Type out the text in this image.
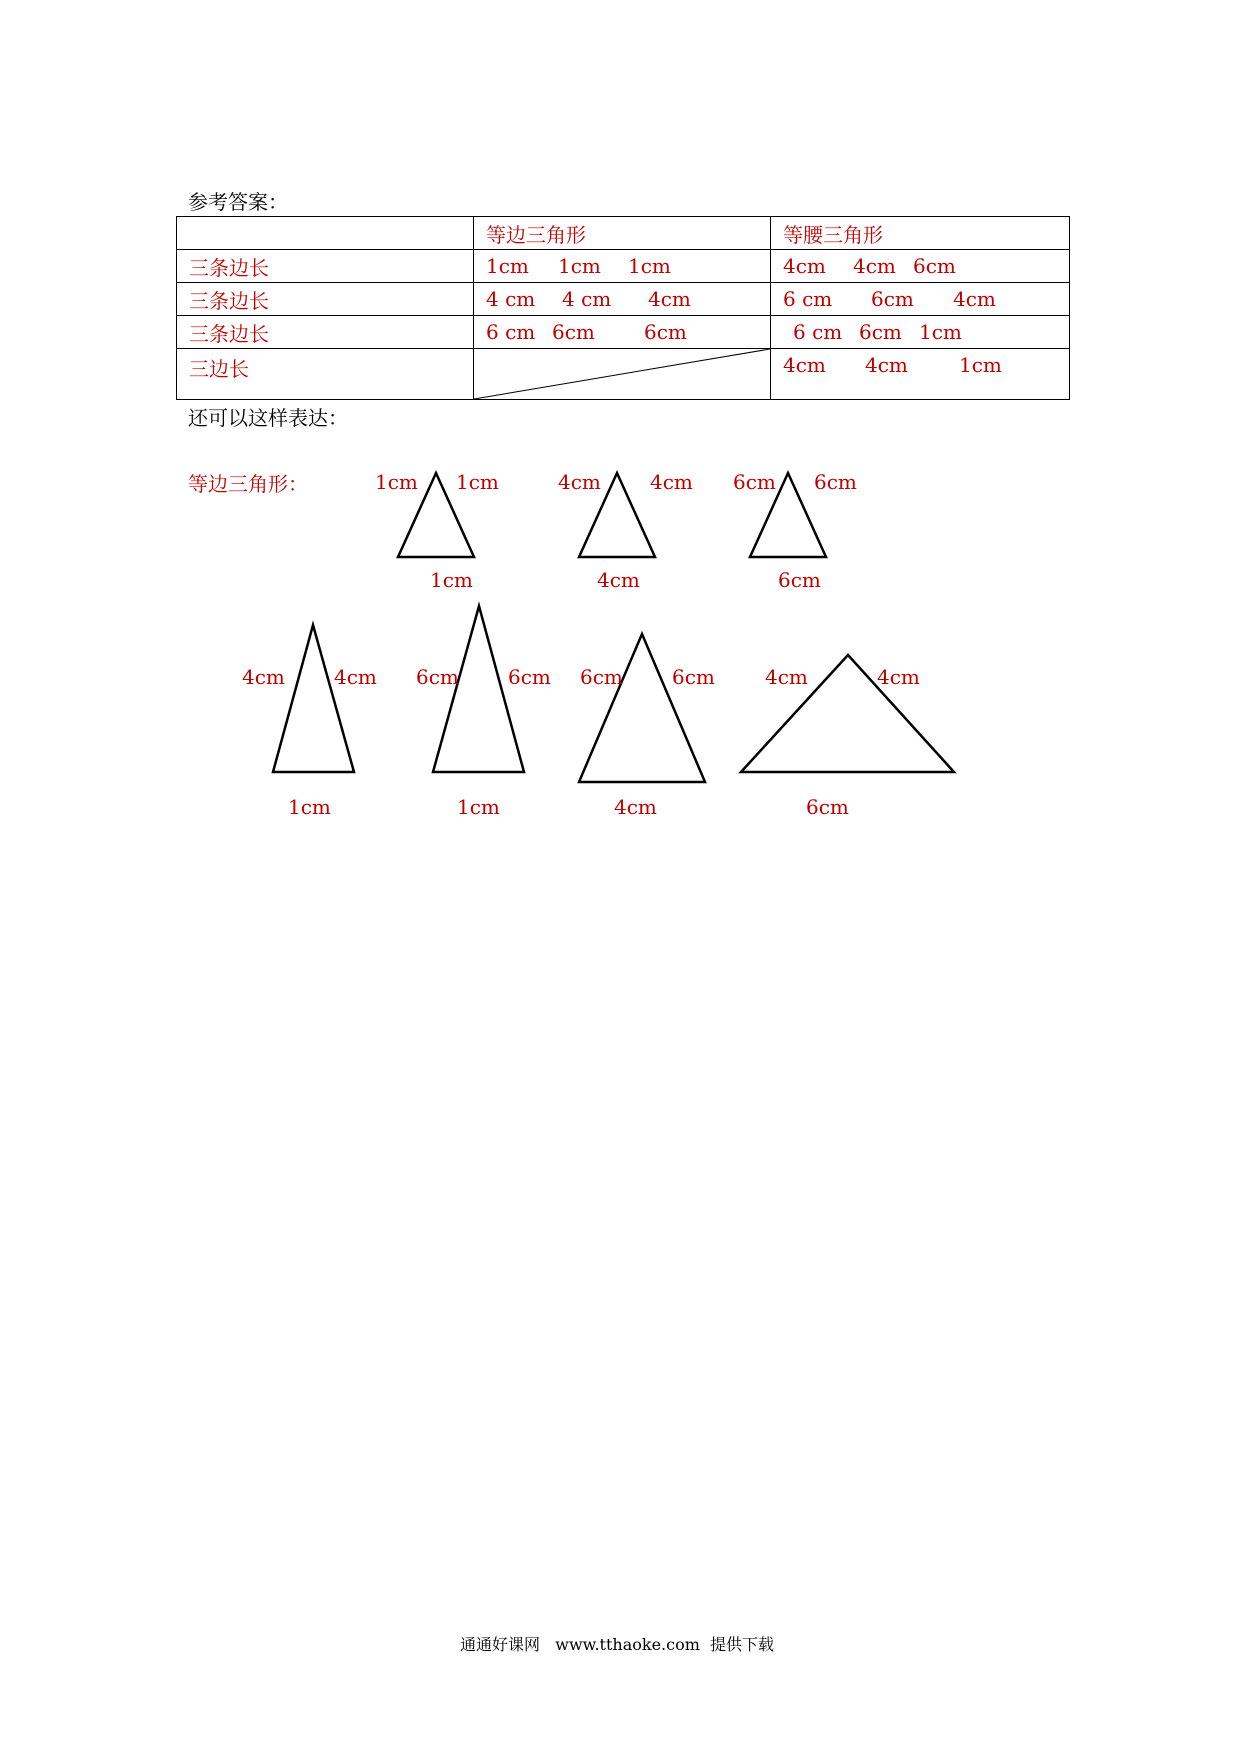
参考答案：
	等边三角形	等腰三角形
三条边长	1cm 1cm 1cm	4cm 4cm 6cm
三条边长	4 cm 4 cm 4cm	6 cm 6cm 4cm
三条边长	6 cm 6cm 6cm	6 cm 6cm 1cm
三边长		4cm 4cm 1cm
还可以这样表达：
等边三角形：	1cm 1cm
1cm
4cm 4cm
4cm
6cm 6cm
6cm
4cm 4cm
1cm
6cm 6cm
1cm
6cm 6cm
4cm
4cm	4cm
6cm
通通好课网   www.tthaoke.com  提供下载
